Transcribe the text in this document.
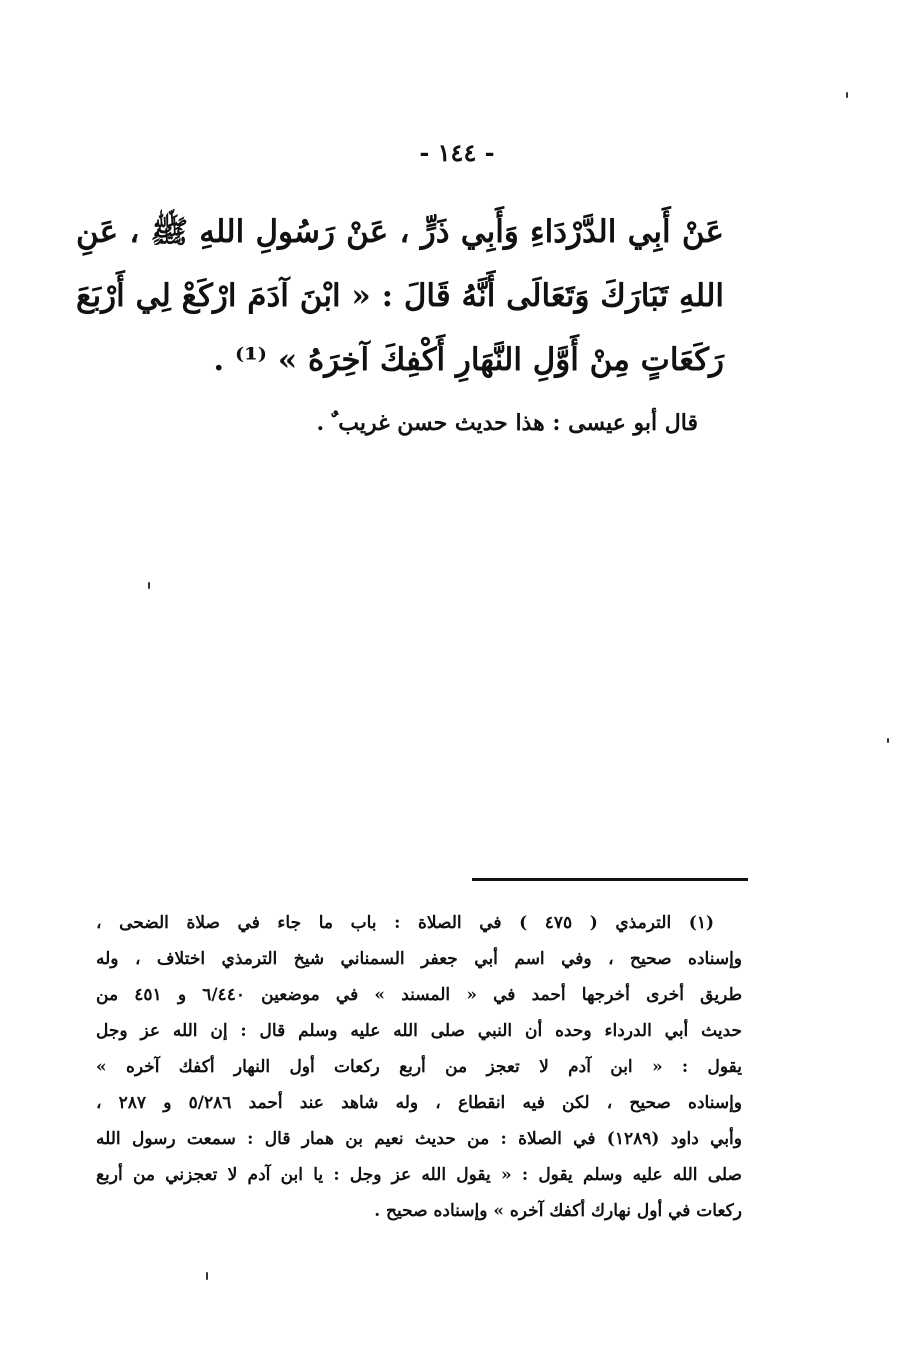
- ١٤٤ -
عَنْ أَبِي الدَّرْدَاءِ وَأَبِي ذَرٍّ ، عَنْ رَسُولِ اللهِ ﷺ ، عَنِ
اللهِ تَبَارَكَ وَتَعَالَى أَنَّهُ قَالَ : « ابْنَ آدَمَ ارْكَعْ لِي أَرْبَعَ
رَكَعَاتٍ مِنْ أَوَّلِ النَّهَارِ أَكْفِكَ آخِرَهُ » ⁽¹⁾ .
قال أبو عيسى : هذا حديث حسن غريب ٌ .
(١) الترمذي ( ٤٧٥ ) في الصلاة : باب ما جاء في صلاة الضحى ،
وإسناده صحيح ، وفي اسم أبي جعفر السمناني شيخ الترمذي اختلاف ، وله
طريق أخرى أخرجها أحمد في « المسند » في موضعين ٦/٤٤٠ و ٤٥١ من
حديث أبي الدرداء وحده أن النبي صلى الله عليه وسلم قال : إن الله عز وجل
يقول : « ابن آدم لا تعجز من أربع ركعات أول النهار أكفك آخره »
وإسناده صحيح ، لكن فيه انقطاع ، وله شاهد عند أحمد ٥/٢٨٦ و ٢٨٧ ،
وأبي داود (١٢٨٩) في الصلاة : من حديث نعيم بن همار قال : سمعت رسول الله
صلى الله عليه وسلم يقول : « يقول الله عز وجل : يا ابن آدم لا تعجزني من أربع
ركعات في أول نهارك أكفك آخره » وإسناده صحيح .
